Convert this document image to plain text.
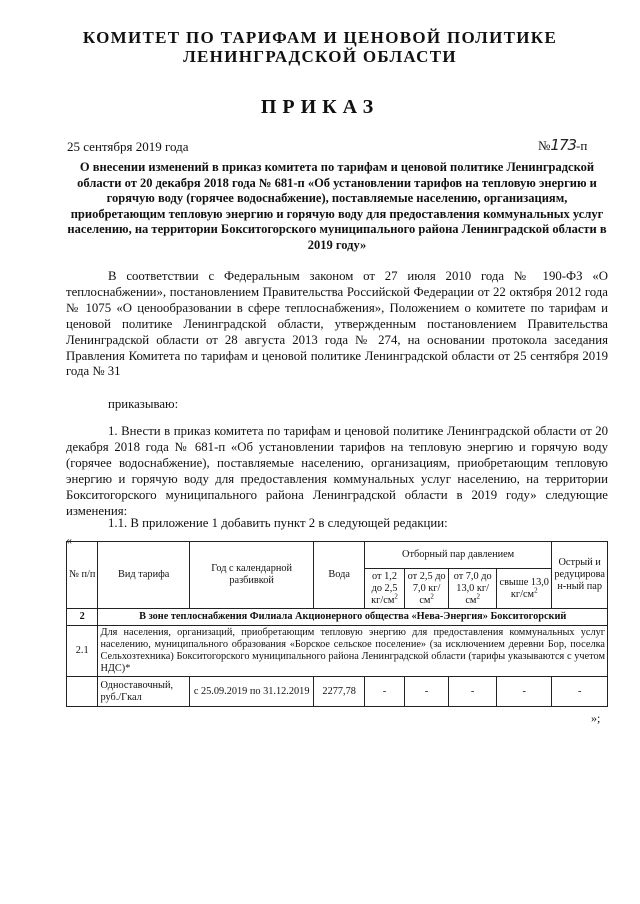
КОМИТЕТ ПО ТАРИФАМ И ЦЕНОВОЙ ПОЛИТИКЕ
ЛЕНИНГРАДСКОЙ ОБЛАСТИ
ПРИКАЗ
25 сентября 2019 года	№173-п
О внесении изменений в приказ комитета по тарифам и ценовой политике Ленинградской области от 20 декабря 2018 года № 681-п «Об установлении тарифов на тепловую энергию и горячую воду (горячее водоснабжение), поставляемые населению, организациям, приобретающим тепловую энергию и горячую воду для предоставления коммунальных услуг населению, на территории Бокситогорского муниципального района Ленинградской области в 2019 году»
В соответствии с Федеральным законом от 27 июля 2010 года № 190-ФЗ «О теплоснабжении», постановлением Правительства Российской Федерации от 22 октября 2012 года № 1075 «О ценообразовании в сфере теплоснабжения», Положением о комитете по тарифам и ценовой политике Ленинградской области, утвержденным постановлением Правительства Ленинградской области от 28 августа 2013 года № 274, на основании протокола заседания Правления Комитета по тарифам и ценовой политике Ленинградской области от 25 сентября 2019 года № 31
приказываю:
1. Внести в приказ комитета по тарифам и ценовой политике Ленинградской области от 20 декабря 2018 года № 681-п «Об установлении тарифов на тепловую энергию и горячую воду (горячее водоснабжение), поставляемые населению, организациям, приобретающим тепловую энергию и горячую воду для предоставления коммунальных услуг населению, на территории Бокситогорского муниципального района Ленинградской области в 2019 году» следующие изменения:
1.1. В приложение 1 добавить пункт 2 в следующей редакции:
«
№ п/п	Вид тарифа	Год с календарной разбивкой	Вода	Отборный пар давлением				Острый и редуцирова н-ный пар
				от 1,2 до 2,5 $кг/см^2$	от 2,5 до 7,0 $кг/см^2$	от 7,0 до 13,0 $кг/см^2$	свыше 13,0 $кг/см^2$
2	В зоне теплоснабжения Филиала Акционерного общества «Нева-Энергия» Бокситогорский							
2.1	Для населения, организаций, приобретающим тепловую энергию для предоставления коммунальных услуг населению, муниципального образования «Борское сельское поселение» (за исключением деревни Бор, поселка Сельхозтехника) Бокситогорского муниципального района Ленинградской области (тарифы указываются с учетом НДС)*							
	Одноставочный, руб./Гкал	с 25.09.2019 по 31.12.2019	2277,78	-	-	-	-	-
»;
